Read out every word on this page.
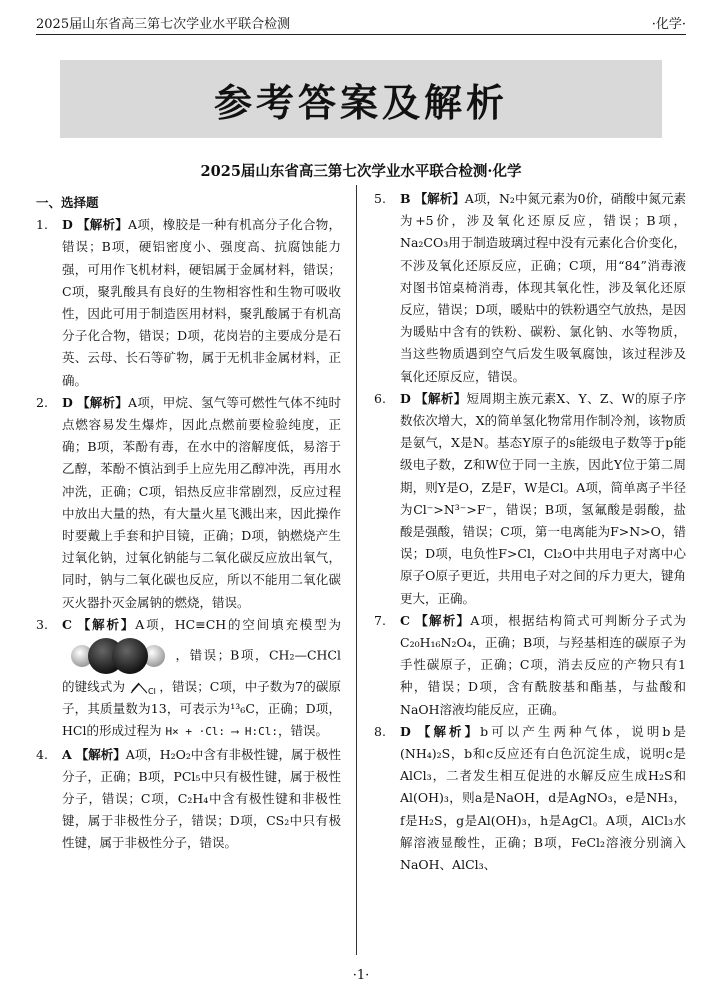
2025届山东省高三第七次学业水平联合检测	·化学·
参考答案及解析
2025届山东省高三第七次学业水平联合检测·化学
一、选择题

1. D 【解析】A项，橡胶是一种有机高分子化合物，错误；B项，硬铝密度小、强度高、抗腐蚀能力强，可用作飞机材料，硬铝属于金属材料，错误；C项，聚乳酸具有良好的生物相容性和生物可吸收性，因此可用于制造医用材料，聚乳酸属于有机高分子化合物，错误；D项，花岗岩的主要成分是石英、云母、长石等矿物，属于无机非金属材料，正确。

2. D 【解析】A项，甲烷、氢气等可燃性气体不纯时点燃容易发生爆炸，因此点燃前要检验纯度，正确；B项，苯酚有毒，在水中的溶解度低，易溶于乙醇，苯酚不慎沾到手上应先用乙醇冲洗，再用水冲洗，正确；C项，铝热反应非常剧烈，反应过程中放出大量的热，有大量火星飞溅出来，因此操作时要戴上手套和护目镜，正确；D项，钠燃烧产生过氧化钠，过氧化钠能与二氧化碳反应放出氧气，同时，钠与二氧化碳也反应，所以不能用二氧化碳灭火器扑灭金属钠的燃烧，错误。

3. C 【解析】A项，HC≡CH的空间填充模型为 ，错误；B项，CH₂—CHCl的键线式为	Cl ，错误；C项，中子数为7的碳原子，其质量数为13，可表示为¹³₆C，正确；D项，HCl的形成过程为 H× + ·Cl: ⟶ H:Cl:，错误。

4. A 【解析】A项，H₂O₂中含有非极性键，属于极性分子，正确；B项，PCl₅中只有极性键，属于极性分子，错误；C项，C₂H₄中含有极性键和非极性键，属于非极性分子，错误；D项，CS₂中只有极性键，属于非极性分子，错误。

5. B 【解析】A项，N₂中氮元素为0价，硝酸中氮元素为+5价，涉及氧化还原反应，错误；B项，Na₂CO₃用于制造玻璃过程中没有元素化合价变化，不涉及氧化还原反应，正确；C项，用“84”消毒液对图书馆桌椅消毒，体现其氧化性，涉及氧化还原反应，错误；D项，暖贴中的铁粉遇空气放热，是因为暖贴中含有的铁粉、碳粉、氯化钠、水等物质，当这些物质遇到空气后发生吸氧腐蚀，该过程涉及氧化还原反应，错误。

6. D 【解析】短周期主族元素X、Y、Z、W的原子序数依次增大，X的简单氢化物常用作制冷剂，该物质是氨气，X是N。基态Y原子的s能级电子数等于p能级电子数，Z和W位于同一主族，因此Y位于第二周期，则Y是O，Z是F，W是Cl。A项，简单离子半径为Cl⁻>N³⁻>F⁻，错误；B项，氢氟酸是弱酸，盐酸是强酸，错误；C项，第一电离能为F>N>O，错误；D项，电负性F>Cl，Cl₂O中共用电子对离中心原子O原子更近，共用电子对之间的斥力更大，键角更大，正确。

7. C 【解析】A项，根据结构简式可判断分子式为C₂₀H₁₆N₂O₄，正确；B项，与羟基相连的碳原子为手性碳原子，正确；C项，消去反应的产物只有1种，错误；D项，含有酰胺基和酯基，与盐酸和NaOH溶液均能反应，正确。

8. D 【解析】b可以产生两种气体，说明b是(NH₄)₂S，b和c反应还有白色沉淀生成，说明c是AlCl₃，二者发生相互促进的水解反应生成H₂S和Al(OH)₃，则a是NaOH，d是AgNO₃，e是NH₃，f是H₂S，g是Al(OH)₃，h是AgCl。A项，AlCl₃水解溶液显酸性，正确；B项，FeCl₂溶液分别滴入NaOH、AlCl₃、

·1·
